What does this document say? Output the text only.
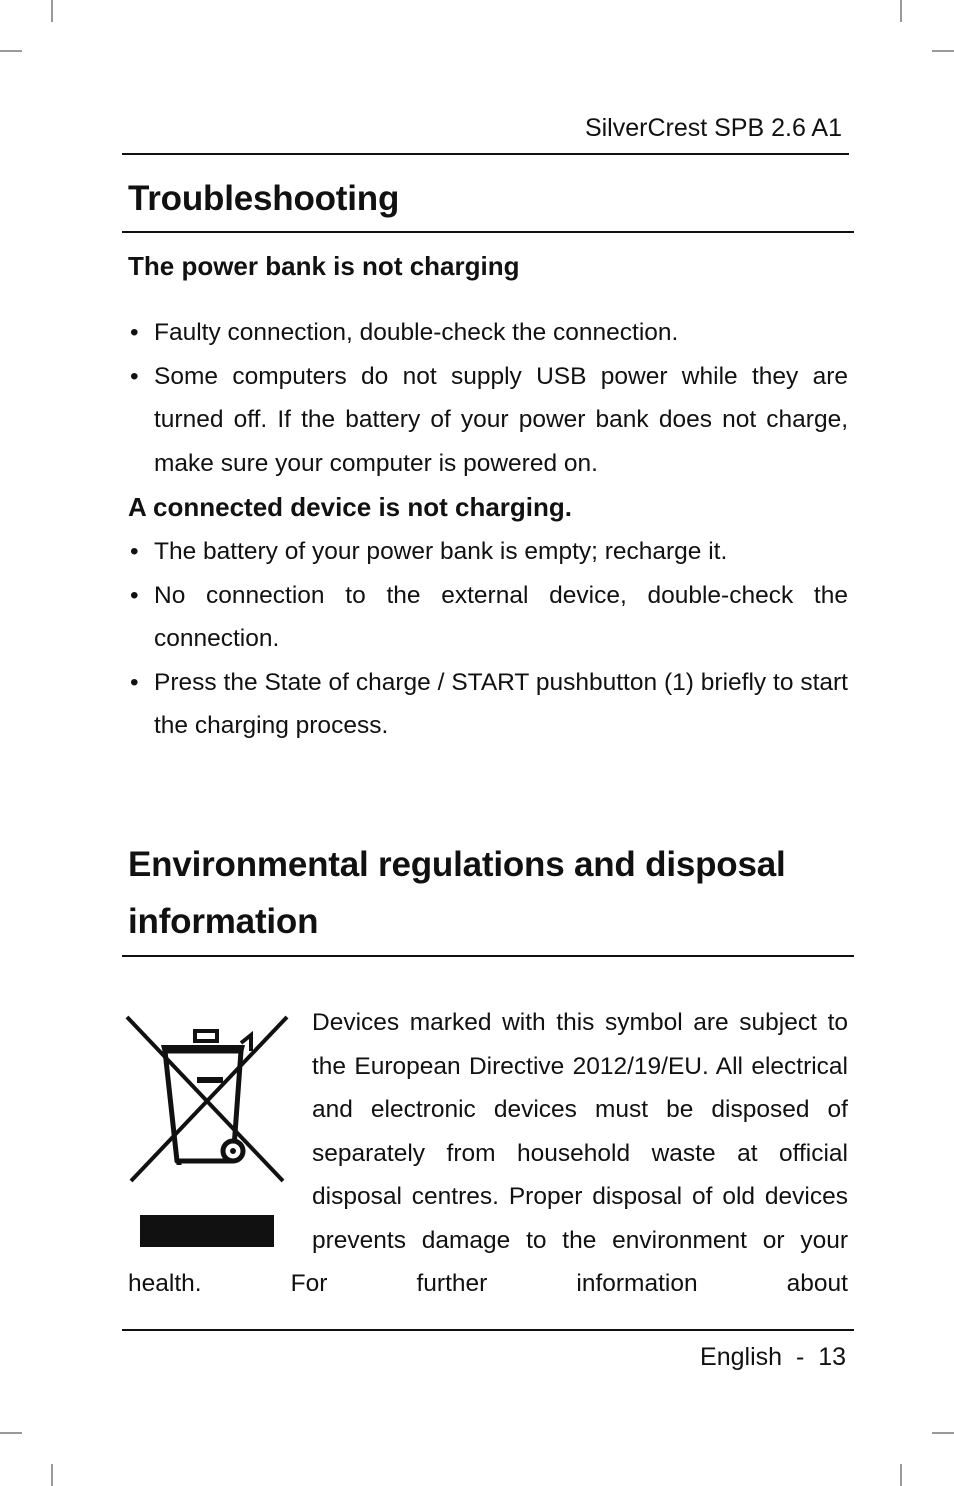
SilverCrest SPB 2.6 A1
Troubleshooting
The power bank is not charging
• Faulty connection, double-check the connection.
• Some computers do not supply USB power while they are turned off. If the battery of your power bank does not charge, make sure your computer is powered on.
A connected device is not charging.
• The battery of your power bank is empty; recharge it.
• No connection to the external device, double-check the connection.
• Press the State of charge / START pushbutton (1) briefly to start the charging process.
Environmental regulations and disposal
information

Devices marked with this symbol are subject to the European Directive 2012/19/EU. All electrical and electronic devices must be disposed of separately from household waste at official disposal centres. Proper disposal of old devices prevents damage to the environment or your health. For further information about

English - 13
